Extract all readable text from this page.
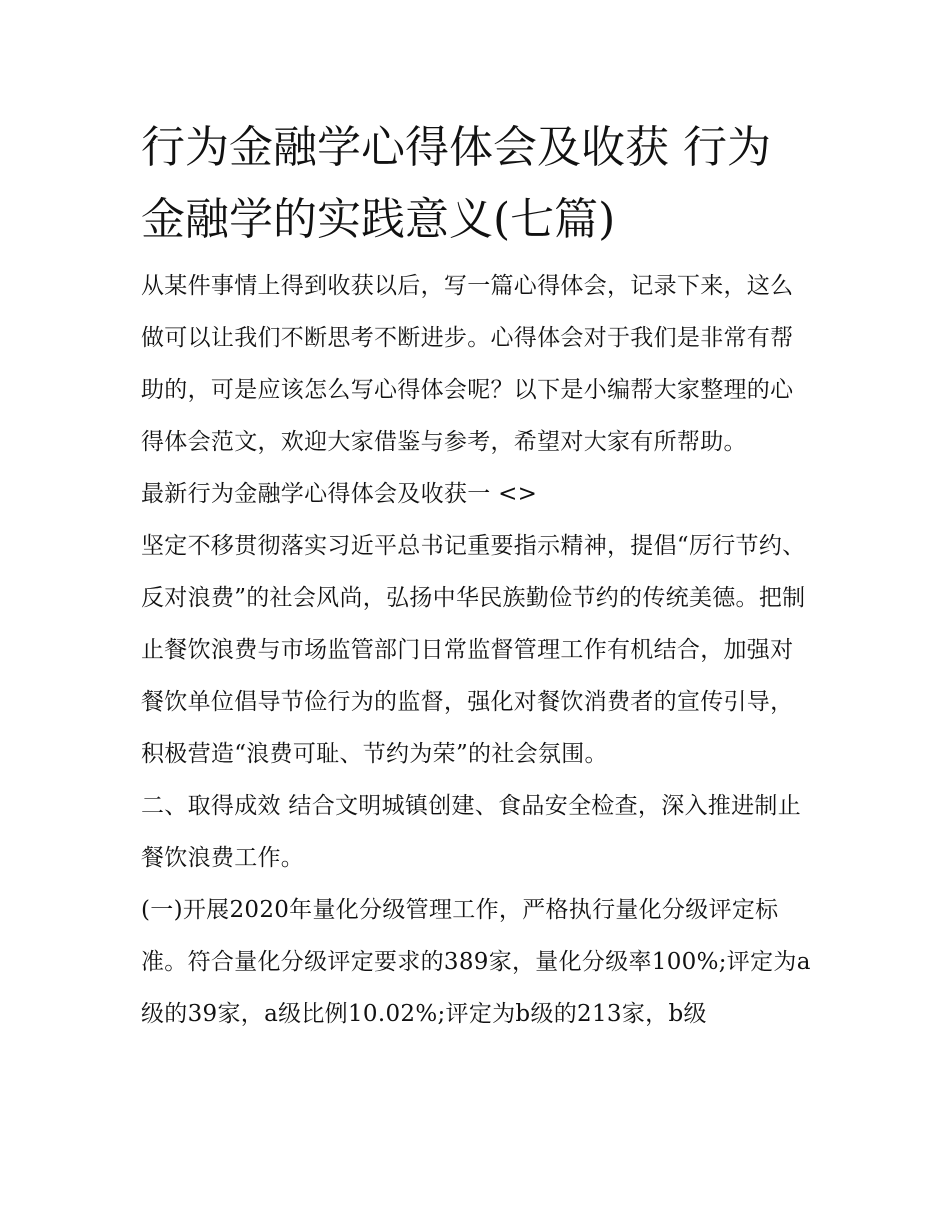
行为金融学心得体会及收获 行为金融学的实践意义(七篇)

从某件事情上得到收获以后，写一篇心得体会，记录下来，这么做可以让我们不断思考不断进步。心得体会对于我们是非常有帮助的，可是应该怎么写心得体会呢？以下是小编帮大家整理的心得体会范文，欢迎大家借鉴与参考，希望对大家有所帮助。

最新行为金融学心得体会及收获一 <>

坚定不移贯彻落实习近平总书记重要指示精神，提倡“厉行节约、反对浪费”的社会风尚，弘扬中华民族勤俭节约的传统美德。把制止餐饮浪费与市场监管部门日常监督管理工作有机结合，加强对餐饮单位倡导节俭行为的监督，强化对餐饮消费者的宣传引导，积极营造“浪费可耻、节约为荣”的社会氛围。

二、取得成效 结合文明城镇创建、食品安全检查，深入推进制止餐饮浪费工作。

(一)开展2020年量化分级管理工作，严格执行量化分级评定标准。符合量化分级评定要求的389家，量化分级率100%;评定为a级的39家，a级比例10.02%;评定为b级的213家，b级
